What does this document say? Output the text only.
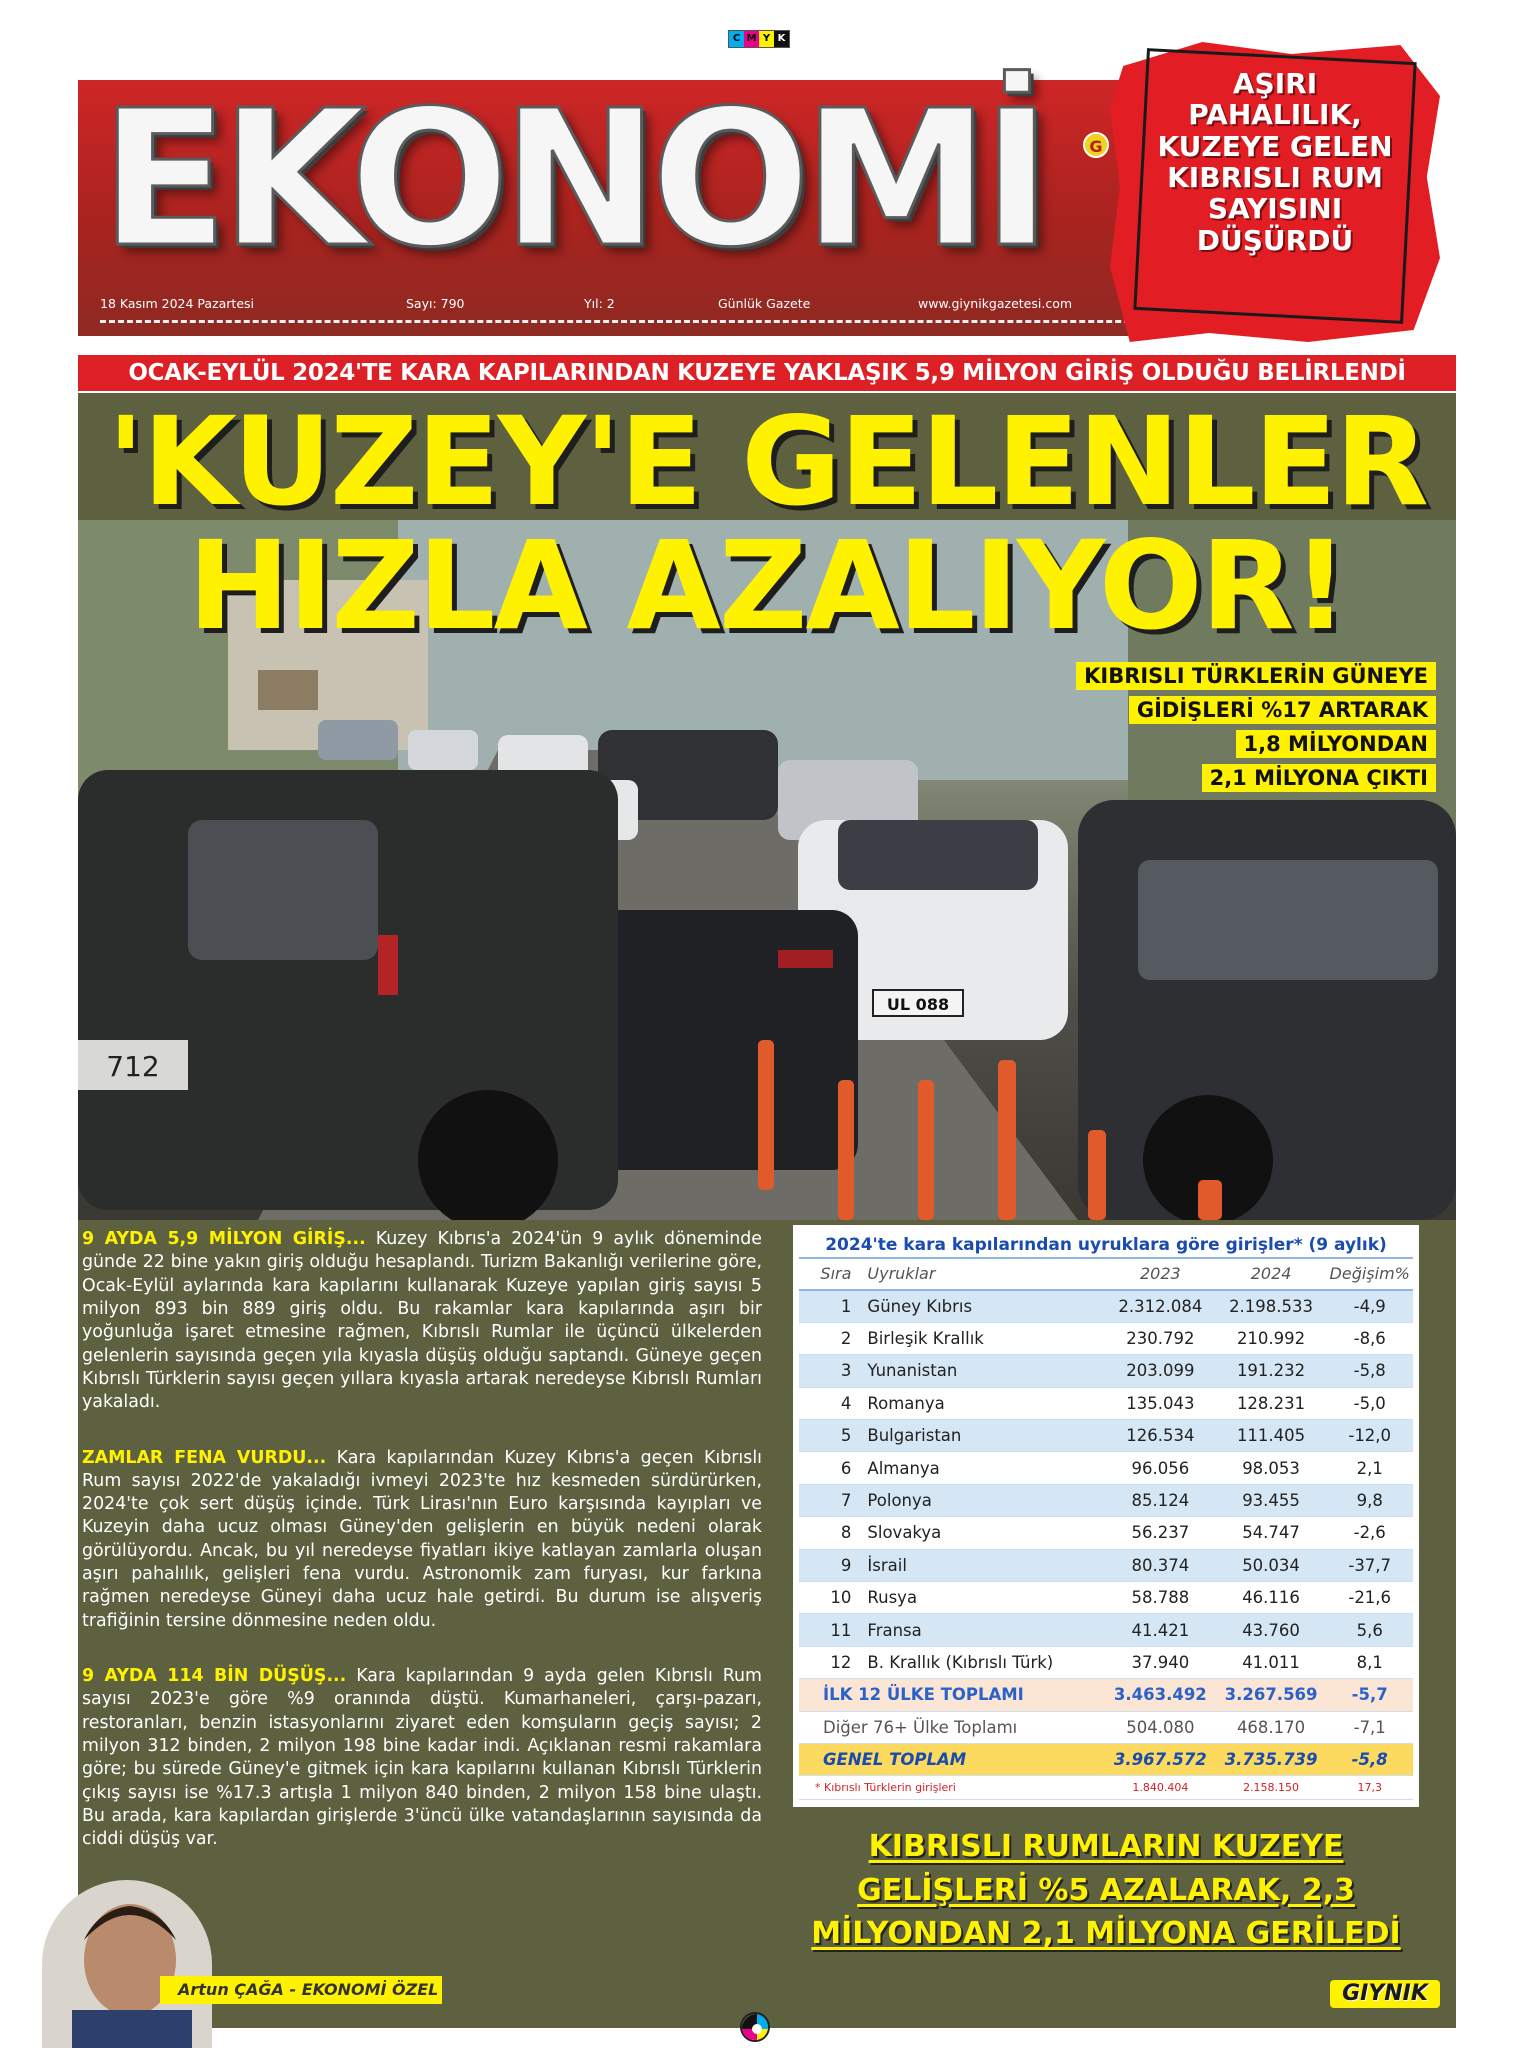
C M Y K
EKONOMİ	G
18 Kasım 2024 Pazartesi	Sayı: 790	Yıl: 2	Günlük Gazete	www.giynikgazetesi.com
AŞIRI PAHALILIK, KUZEYE GELEN KIBRISLI RUM SAYISINI DÜŞÜRDÜ
OCAK-EYLÜL 2024'TE KARA KAPILARINDAN KUZEYE YAKLAŞIK 5,9 MİLYON GİRİŞ OLDUĞU BELİRLENDİ
UL 088
712
'KUZEY'E GELENLER
HIZLA AZALIYOR!
KIBRISLI TÜRKLERİN GÜNEYE
GİDİŞLERİ %17 ARTARAK
1,8 MİLYONDAN
2,1 MİLYONA ÇIKTI

9 AYDA 5,9 MİLYON GİRİŞ... Kuzey Kıbrıs'a 2024'ün 9 aylık döneminde günde 22 bine yakın giriş olduğu hesaplandı. Turizm Bakanlığı verilerine göre, Ocak-Eylül aylarında kara kapılarını kullanarak Kuzeye yapılan giriş sayısı 5 milyon 893 bin 889 giriş oldu. Bu rakamlar kara kapılarında aşırı bir yoğunluğa işaret etmesine rağmen, Kıbrıslı Rumlar ile üçüncü ülkelerden gelenlerin sayısında geçen yıla kıyasla düşüş olduğu saptandı. Güneye geçen Kıbrıslı Türklerin sayısı geçen yıllara kıyasla artarak neredeyse Kıbrıslı Rumları yakaladı.

ZAMLAR FENA VURDU... Kara kapılarından Kuzey Kıbrıs'a geçen Kıbrıslı Rum sayısı 2022'de yakaladığı ivmeyi 2023'te hız kesmeden sürdürürken, 2024'te çok sert düşüş içinde. Türk Lirası'nın Euro karşısında kayıpları ve Kuzeyin daha ucuz olması Güney'den gelişlerin en büyük nedeni olarak görülüyordu. Ancak, bu yıl neredeyse fiyatları ikiye katlayan zamlarla oluşan aşırı pahalılık, gelişleri fena vurdu. Astronomik zam furyası, kur farkına rağmen neredeyse Güneyi daha ucuz hale getirdi. Bu durum ise alışveriş trafiğinin tersine dönmesine neden oldu.

9 AYDA 114 BİN DÜŞÜŞ... Kara kapılarından 9 ayda gelen Kıbrıslı Rum sayısı 2023'e göre %9 oranında düştü. Kumarhaneleri, çarşı-pazarı, restoranları, benzin istasyonlarını ziyaret eden komşuların geçiş sayısı; 2 milyon 312 binden, 2 milyon 198 bine kadar indi. Açıklanan resmi rakamlara göre; bu sürede Güney'e gitmek için kara kapılarını kullanan Kıbrıslı Türklerin çıkış sayısı ise %17.3 artışla 1 milyon 840 binden, 2 milyon 158 bine ulaştı. Bu arada, kara kapılardan girişlerde 3'üncü ülke vatandaşlarının sayısında da ciddi düşüş var.

Artun ÇAĞA - EKONOMİ ÖZEL
2024'te kara kapılarından uyruklara göre girişler* (9 aylık)
Sıra	Uyruklar	2023	2024	Değişim%
1	Güney Kıbrıs	2.312.084	2.198.533	-4,9
2	Birleşik Krallık	230.792	210.992	-8,6
3	Yunanistan	203.099	191.232	-5,8
4	Romanya	135.043	128.231	-5,0
5	Bulgaristan	126.534	111.405	-12,0
6	Almanya	96.056	98.053	2,1
7	Polonya	85.124	93.455	9,8
8	Slovakya	56.237	54.747	-2,6
9	İsrail	80.374	50.034	-37,7
10	Rusya	58.788	46.116	-21,6
11	Fransa	41.421	43.760	5,6
12	B. Krallık (Kıbrıslı Türk)	37.940	41.011	8,1
İLK 12 ÜLKE TOPLAMI		3.463.492	3.267.569	-5,7
Diğer 76+ Ülke Toplamı		504.080	468.170	-7,1
GENEL TOPLAM		3.967.572	3.735.739	-5,8
* Kıbrıslı Türklerin girişleri		1.840.404	2.158.150	17,3
KIBRISLI RUMLARIN KUZEYE
GELİŞLERİ %5 AZALARAK, 2,3
MİLYONDAN 2,1 MİLYONA GERİLEDİ
GIYNIK
